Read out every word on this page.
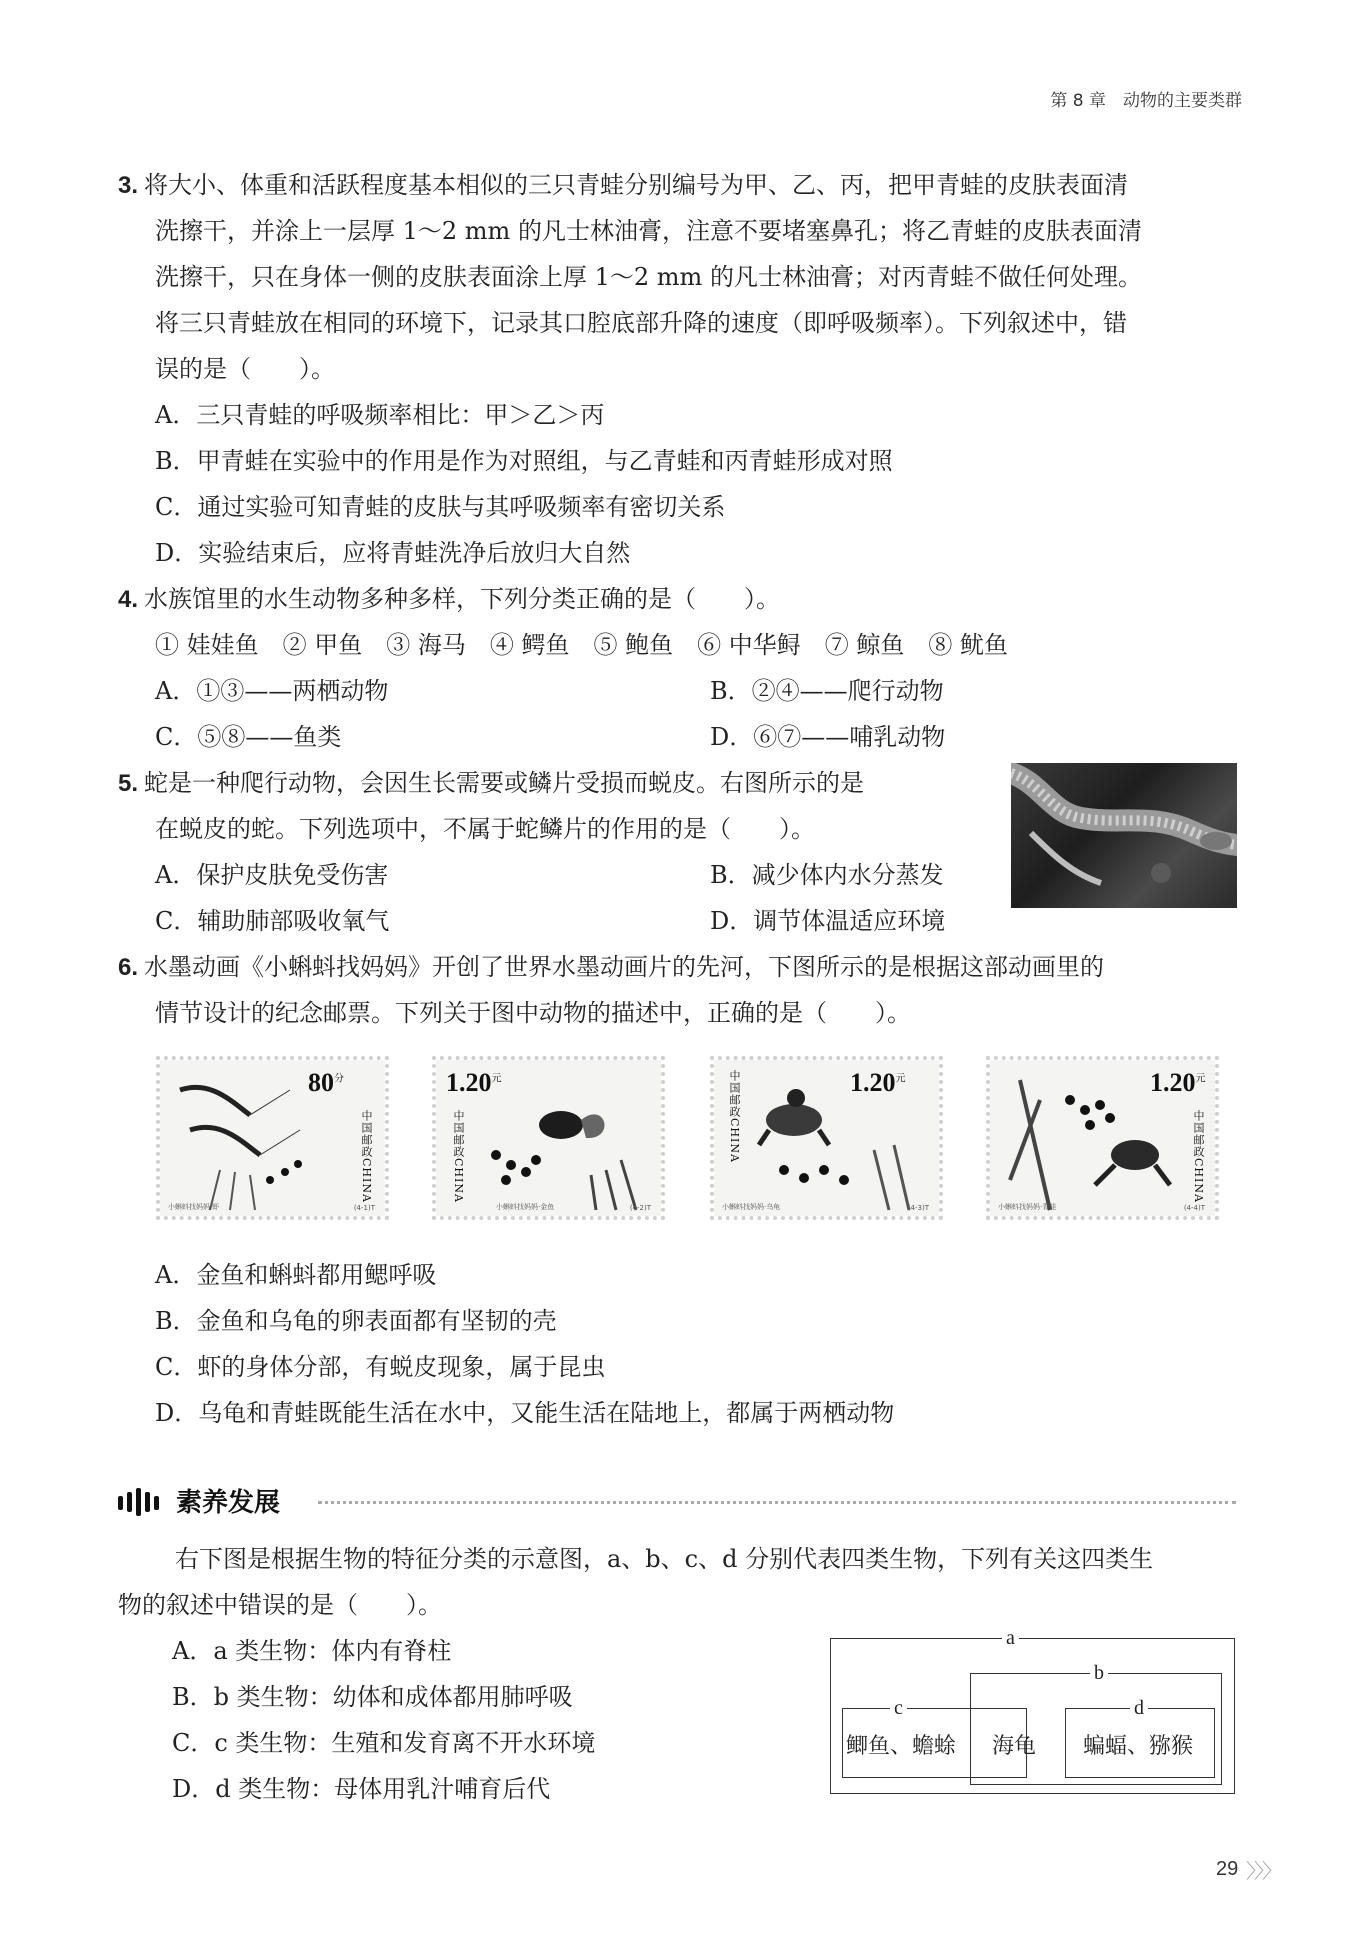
第 8 章　动物的主要类群
3. 将大小、体重和活跃程度基本相似的三只青蛙分别编号为甲、乙、丙，把甲青蛙的皮肤表面清
洗擦干，并涂上一层厚 1～2 mm 的凡士林油膏，注意不要堵塞鼻孔；将乙青蛙的皮肤表面清
洗擦干，只在身体一侧的皮肤表面涂上厚 1～2 mm 的凡士林油膏；对丙青蛙不做任何处理。
将三只青蛙放在相同的环境下，记录其口腔底部升降的速度（即呼吸频率）。下列叙述中，错
误的是（　　）。
A．三只青蛙的呼吸频率相比：甲＞乙＞丙
B．甲青蛙在实验中的作用是作为对照组，与乙青蛙和丙青蛙形成对照
C．通过实验可知青蛙的皮肤与其呼吸频率有密切关系
D．实验结束后，应将青蛙洗净后放归大自然
4. 水族馆里的水生动物多种多样，下列分类正确的是（　　）。
① 娃娃鱼　② 甲鱼　③ 海马　④ 鳄鱼　⑤ 鲍鱼　⑥ 中华鲟　⑦ 鲸鱼　⑧ 鱿鱼
A．①③——两栖动物	B．②④——爬行动物
C．⑤⑧——鱼类	D．⑥⑦——哺乳动物
5. 蛇是一种爬行动物，会因生长需要或鳞片受损而蜕皮。右图所示的是
在蜕皮的蛇。下列选项中，不属于蛇鳞片的作用的是（　　）。
A．保护皮肤免受伤害	B．减少体内水分蒸发
C．辅助肺部吸收氧气	D．调节体温适应环境
6. 水墨动画《小蝌蚪找妈妈》开创了世界水墨动画片的先河，下图所示的是根据这部动画里的
情节设计的纪念邮票。下列关于图中动物的描述中，正确的是（　　）。
$80^分$
中国邮政CHINA
小蝌蚪找妈妈·虾	(4-1)T
$1.20^元$
中国邮政CHINA
小蝌蚪找妈妈·金鱼	(4-2)T
$1.20^元$
中国邮政CHINA
小蝌蚪找妈妈·乌龟	(4-3)T
$1.20^元$
中国邮政CHINA
小蝌蚪找妈妈·青蛙	(4-4)T
A．金鱼和蝌蚪都用鳃呼吸
B．金鱼和乌龟的卵表面都有坚韧的壳
C．虾的身体分部，有蜕皮现象，属于昆虫
D．乌龟和青蛙既能生活在水中，又能生活在陆地上，都属于两栖动物
素养发展
右下图是根据生物的特征分类的示意图，a、b、c、d 分别代表四类生物，下列有关这四类生
物的叙述中错误的是（　　）。
A．a 类生物：体内有脊柱
B．b 类生物：幼体和成体都用肺呼吸
C．c 类生物：生殖和发育离不开水环境
D．d 类生物：母体用乳汁哺育后代
a
b
c	d
鲫鱼、蟾蜍 海龟 蝙蝠、猕猴
29 〉〉〉
